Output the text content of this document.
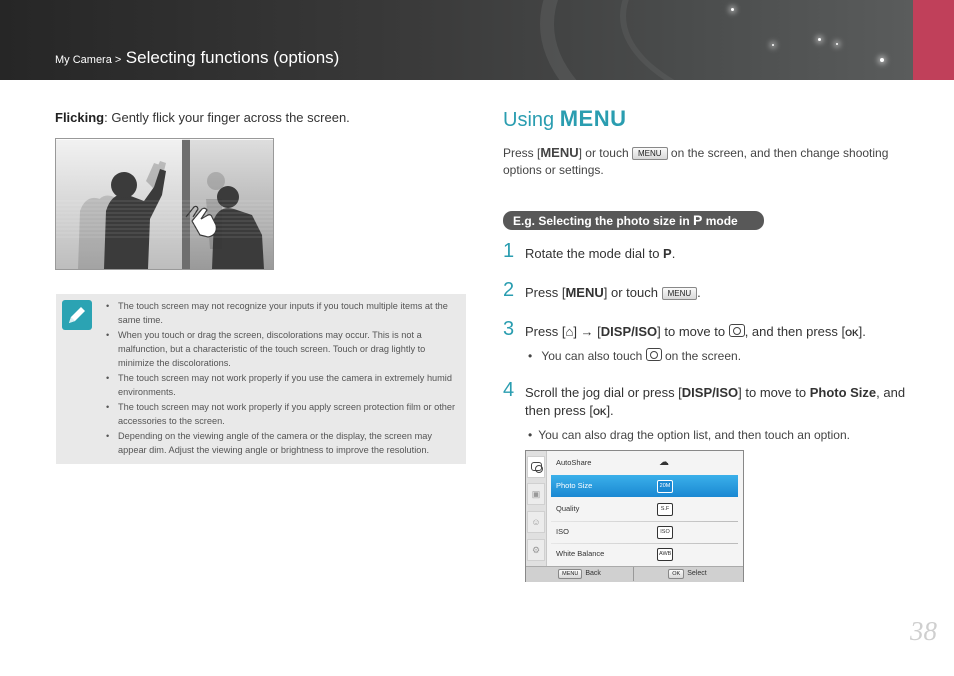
My Camera > Selecting functions (options)
Flicking: Gently flick your finger across the screen.
• The touch screen may not recognize your inputs if you touch multiple items at the same time.
• When you touch or drag the screen, discolorations may occur. This is not a malfunction, but a characteristic of the touch screen. Touch or drag lightly to minimize the discolorations.
• The touch screen may not work properly if you use the camera in extremely humid environments.
• The touch screen may not work properly if you apply screen protection film or other accessories to the screen.
• Depending on the viewing angle of the camera or the display, the screen may appear dim. Adjust the viewing angle or brightness to improve the resolution.
Using MENU
Press [MENU] or touch MENU on the screen, and then change shooting options or settings.
E.g. Selecting the photo size in P mode
1 Rotate the mode dial to P.
2 Press [MENU] or touch MENU .
3 Press [⌂] → [DISP/ISO] to move to , and then press [OK].
• You can also touch on the screen.
4 Scroll the jog dial or press [DISP/ISO] to move to Photo Size, and then press [OK].
• You can also drag the option list, and then touch an option.
▣
☺
⚙
AutoShare	☁
Photo Size	20M
Quality	S.F
ISO	ISO
White Balance	AWB
MENU Back	OK Select
38
